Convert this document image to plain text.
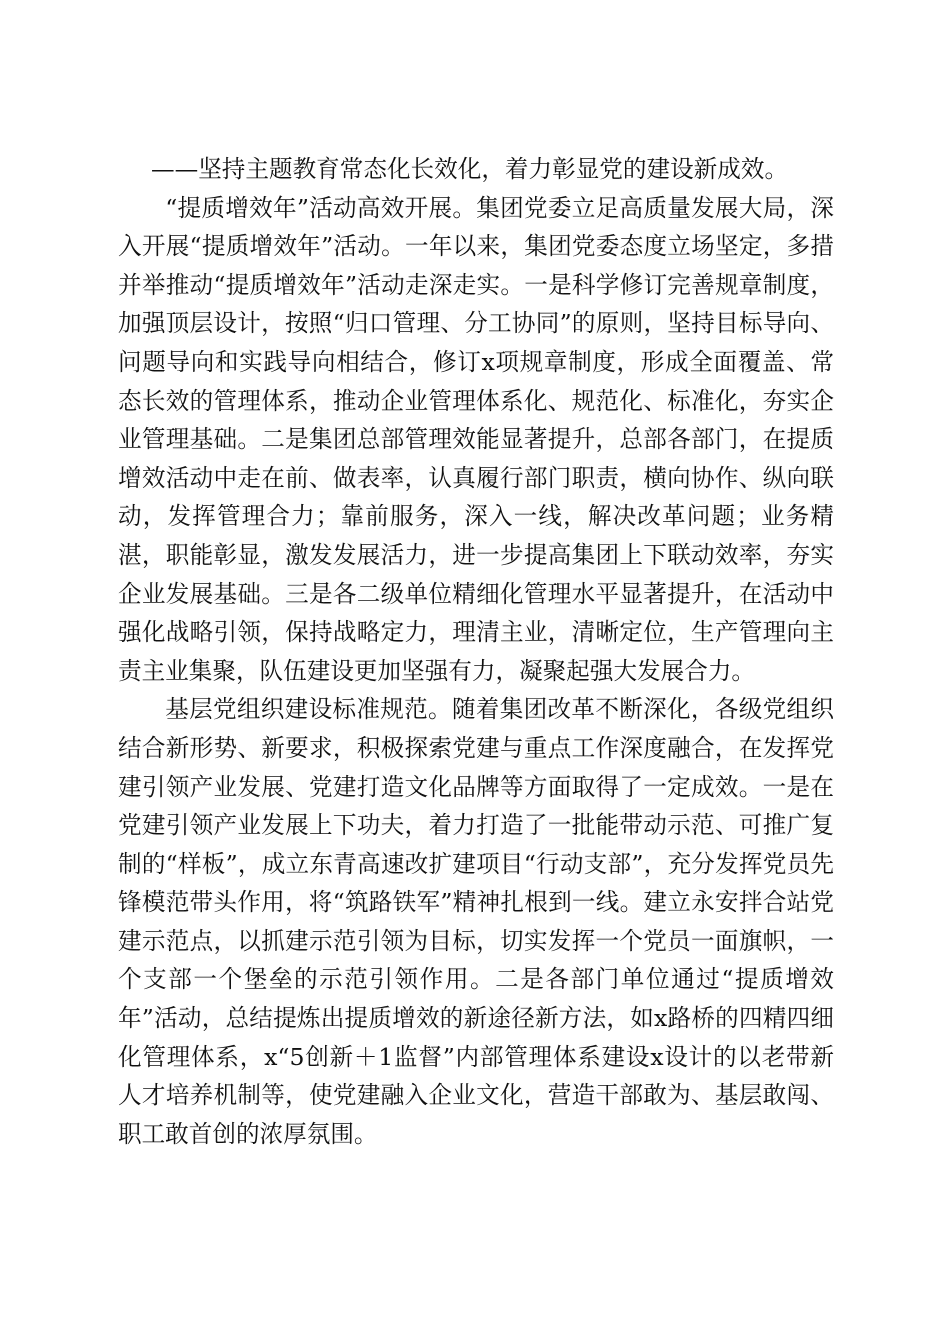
——坚持主题教育常态化长效化，着力彰显党的建设新成效。

“提质增效年”活动高效开展。集团党委立足高质量发展大局，深入开展“提质增效年”活动。一年以来，集团党委态度立场坚定，多措并举推动“提质增效年”活动走深走实。一是科学修订完善规章制度，加强顶层设计，按照“归口管理、分工协同”的原则，坚持目标导向、问题导向和实践导向相结合，修订x项规章制度，形成全面覆盖、常态长效的管理体系，推动企业管理体系化、规范化、标准化，夯实企业管理基础。二是集团总部管理效能显著提升，总部各部门，在提质增效活动中走在前、做表率，认真履行部门职责，横向协作、纵向联动，发挥管理合力；靠前服务，深入一线，解决改革问题；业务精湛，职能彰显，激发发展活力，进一步提高集团上下联动效率，夯实企业发展基础。三是各二级单位精细化管理水平显著提升，在活动中强化战略引领，保持战略定力，理清主业，清晰定位，生产管理向主责主业集聚，队伍建设更加坚强有力，凝聚起强大发展合力。

基层党组织建设标准规范。随着集团改革不断深化，各级党组织结合新形势、新要求，积极探索党建与重点工作深度融合，在发挥党建引领产业发展、党建打造文化品牌等方面取得了一定成效。一是在党建引领产业发展上下功夫，着力打造了一批能带动示范、可推广复制的“样板”，成立东青高速改扩建项目“行动支部”，充分发挥党员先锋模范带头作用，将“筑路铁军”精神扎根到一线。建立永安拌合站党建示范点，以抓建示范引领为目标，切实发挥一个党员一面旗帜，一个支部一个堡垒的示范引领作用。二是各部门单位通过“提质增效年”活动，总结提炼出提质增效的新途径新方法，如x路桥的四精四细化管理体系，x“5创新＋1监督”内部管理体系建设x设计的以老带新人才培养机制等，使党建融入企业文化，营造干部敢为、基层敢闯、职工敢首创的浓厚氛围。
